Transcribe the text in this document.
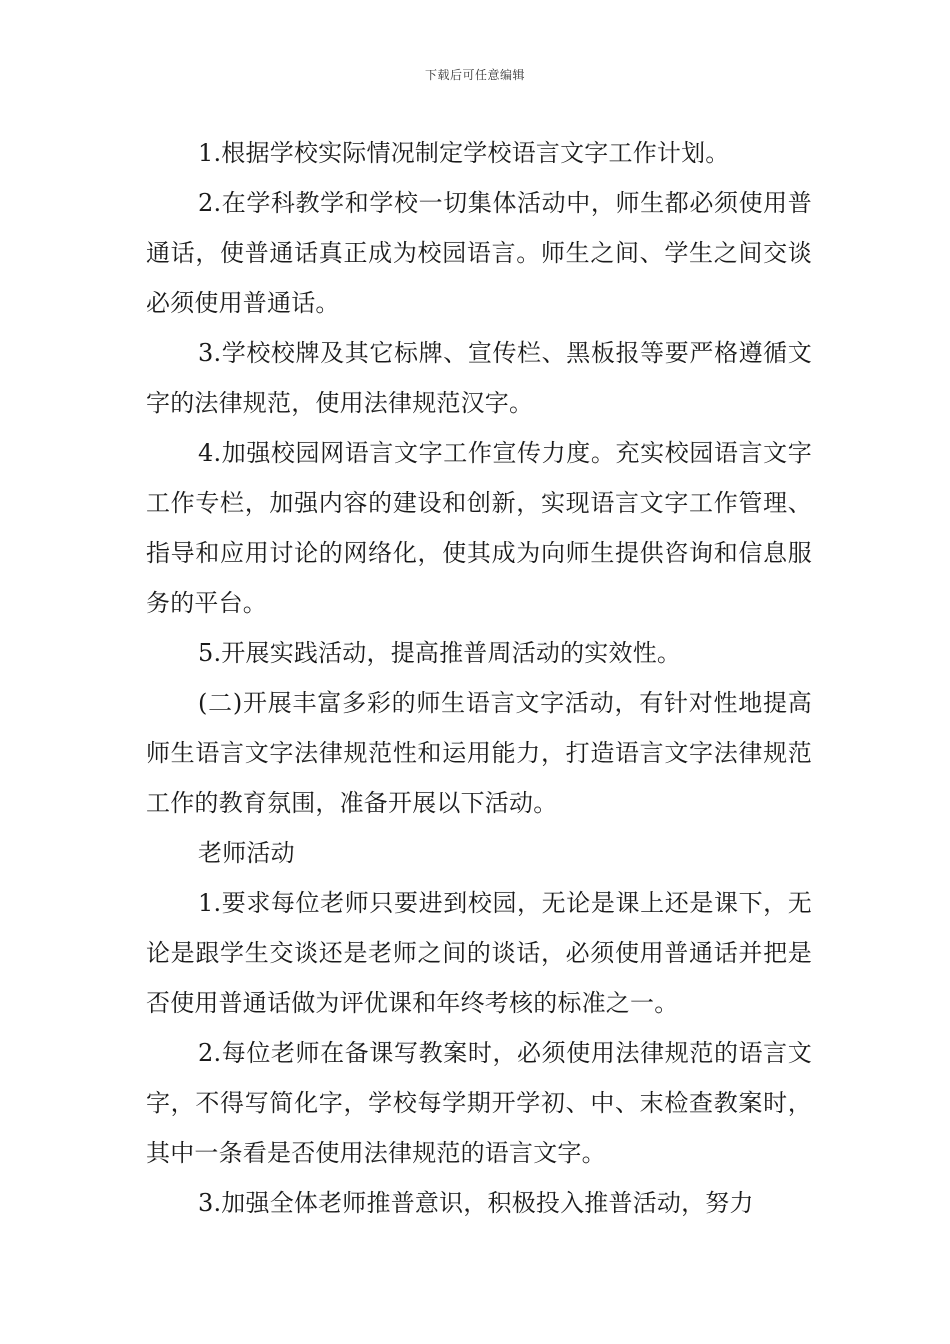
下载后可任意编辑

1.根据学校实际情况制定学校语言文字工作计划。

2.在学科教学和学校一切集体活动中，师生都必须使用普通话，使普通话真正成为校园语言。师生之间、学生之间交谈必须使用普通话。

3.学校校牌及其它标牌、宣传栏、黑板报等要严格遵循文字的法律规范，使用法律规范汉字。

4.加强校园网语言文字工作宣传力度。充实校园语言文字工作专栏，加强内容的建设和创新，实现语言文字工作管理、指导和应用讨论的网络化，使其成为向师生提供咨询和信息服务的平台。

5.开展实践活动，提高推普周活动的实效性。

(二)开展丰富多彩的师生语言文字活动，有针对性地提高师生语言文字法律规范性和运用能力，打造语言文字法律规范工作的教育氛围，准备开展以下活动。

老师活动

1.要求每位老师只要进到校园，无论是课上还是课下，无论是跟学生交谈还是老师之间的谈话，必须使用普通话并把是否使用普通话做为评优课和年终考核的标准之一。

2.每位老师在备课写教案时，必须使用法律规范的语言文字，不得写简化字，学校每学期开学初、中、末检查教案时，其中一条看是否使用法律规范的语言文字。

3.加强全体老师推普意识，积极投入推普活动，努力
